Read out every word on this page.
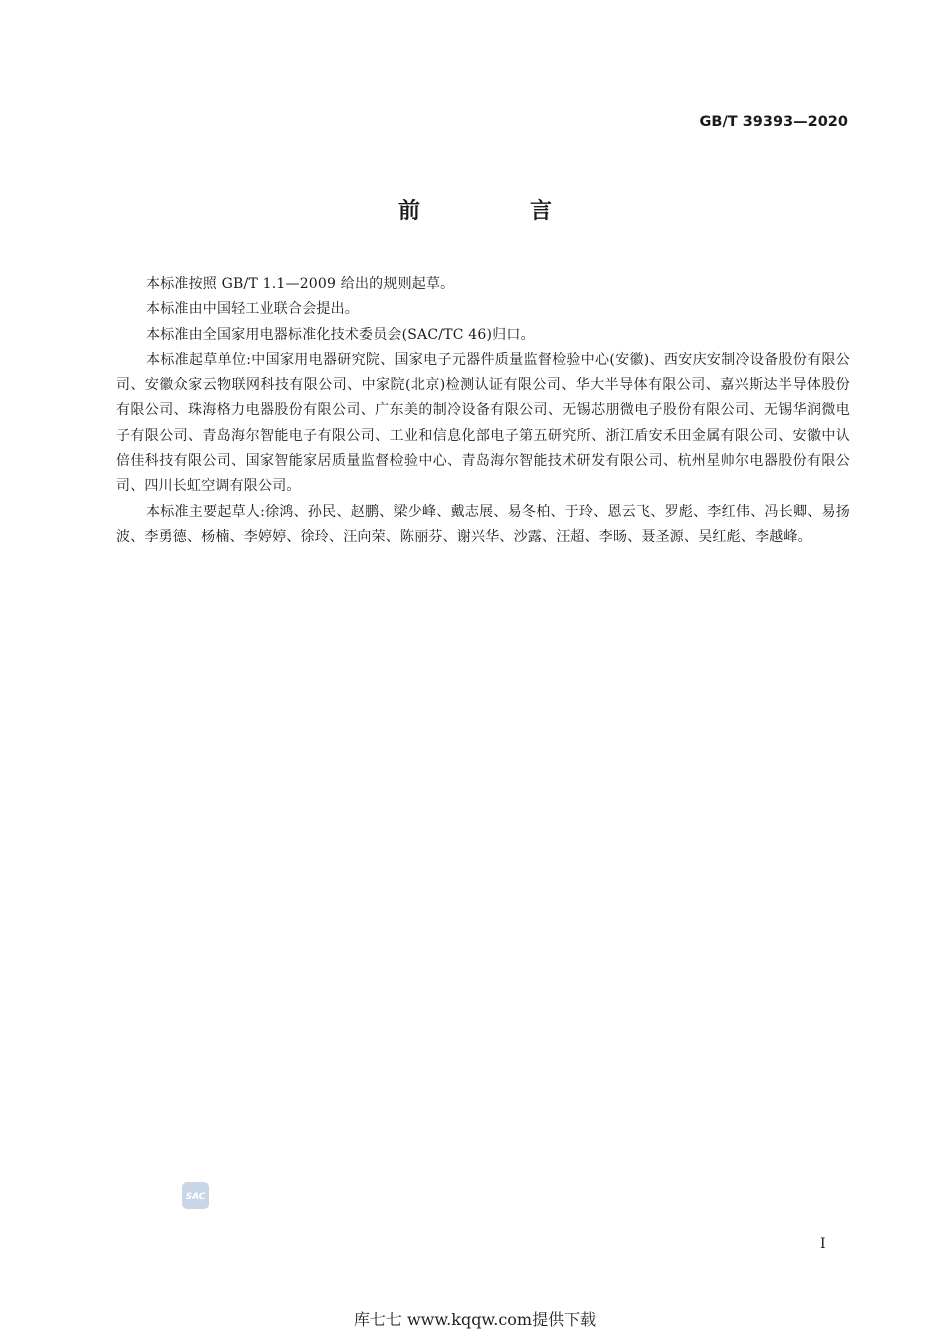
GB/T 39393—2020
前　言

本标准按照 GB/T 1.1—2009 给出的规则起草。

本标准由中国轻工业联合会提出。

本标准由全国家用电器标准化技术委员会(SAC/TC 46)归口。

本标准起草单位:中国家用电器研究院、国家电子元器件质量监督检验中心(安徽)、西安庆安制冷设备股份有限公司、安徽众家云物联网科技有限公司、中家院(北京)检测认证有限公司、华大半导体有限公司、嘉兴斯达半导体股份有限公司、珠海格力电器股份有限公司、广东美的制冷设备有限公司、无锡芯朋微电子股份有限公司、无锡华润微电子有限公司、青岛海尔智能电子有限公司、工业和信息化部电子第五研究所、浙江盾安禾田金属有限公司、安徽中认倍佳科技有限公司、国家智能家居质量监督检验中心、青岛海尔智能技术研发有限公司、杭州星帅尔电器股份有限公司、四川长虹空调有限公司。

本标准主要起草人:徐鸿、孙民、赵鹏、梁少峰、戴志展、易冬柏、于玲、恩云飞、罗彪、李红伟、冯长卿、易扬波、李勇德、杨楠、李婷婷、徐玲、汪向荣、陈丽芬、谢兴华、沙露、汪超、李旸、聂圣源、吴红彪、李越峰。

SAC
I
库七七 www.kqqw.com提供下载
